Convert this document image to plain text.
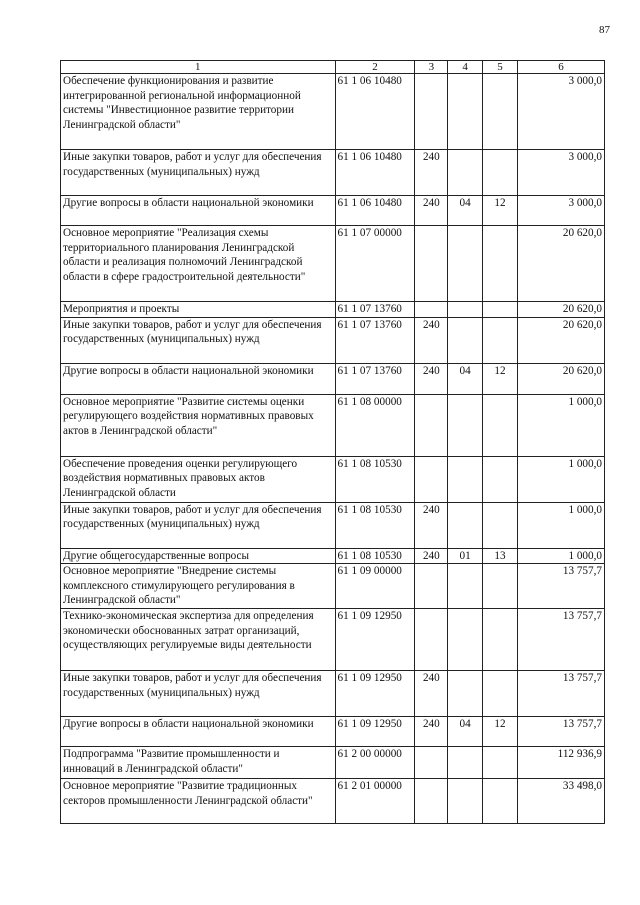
87
1	2	3	4	5	6
Обеспечение функционирования и развитие интегрированной региональной информационной системы "Инвестиционное развитие территории Ленинградской области"	61 1 06 10480				3 000,0
Иные закупки товаров, работ и услуг для обеспечения государственных (муниципальных) нужд	61 1 06 10480	240			3 000,0
Другие вопросы в области национальной экономики	61 1 06 10480	240	04	12	3 000,0
Основное мероприятие "Реализация схемы территориального планирования Ленинградской области и реализация полномочий Ленинградской области в сфере градостроительной деятельности"	61 1 07 00000				20 620,0
Мероприятия и проекты	61 1 07 13760				20 620,0
Иные закупки товаров, работ и услуг для обеспечения государственных (муниципальных) нужд	61 1 07 13760	240			20 620,0
Другие вопросы в области национальной экономики	61 1 07 13760	240	04	12	20 620,0
Основное мероприятие "Развитие системы оценки регулирующего воздействия нормативных правовых актов в Ленинградской области"	61 1 08 00000				1 000,0
Обеспечение проведения оценки регулирующего воздействия нормативных правовых актов Ленинградской области	61 1 08 10530				1 000,0
Иные закупки товаров, работ и услуг для обеспечения государственных (муниципальных) нужд	61 1 08 10530	240			1 000,0
Другие общегосударственные вопросы	61 1 08 10530	240	01	13	1 000,0
Основное мероприятие "Внедрение системы комплексного стимулирующего регулирования в Ленинградской области"	61 1 09 00000				13 757,7
Технико-экономическая экспертиза для определения экономически обоснованных затрат организаций, осуществляющих регулируемые виды деятельности	61 1 09 12950				13 757,7
Иные закупки товаров, работ и услуг для обеспечения государственных (муниципальных) нужд	61 1 09 12950	240			13 757,7
Другие вопросы в области национальной экономики	61 1 09 12950	240	04	12	13 757,7
Подпрограмма "Развитие промышленности и инноваций в Ленинградской области"	61 2 00 00000				112 936,9
Основное мероприятие "Развитие традиционных секторов промышленности Ленинградской области"	61 2 01 00000				33 498,0
